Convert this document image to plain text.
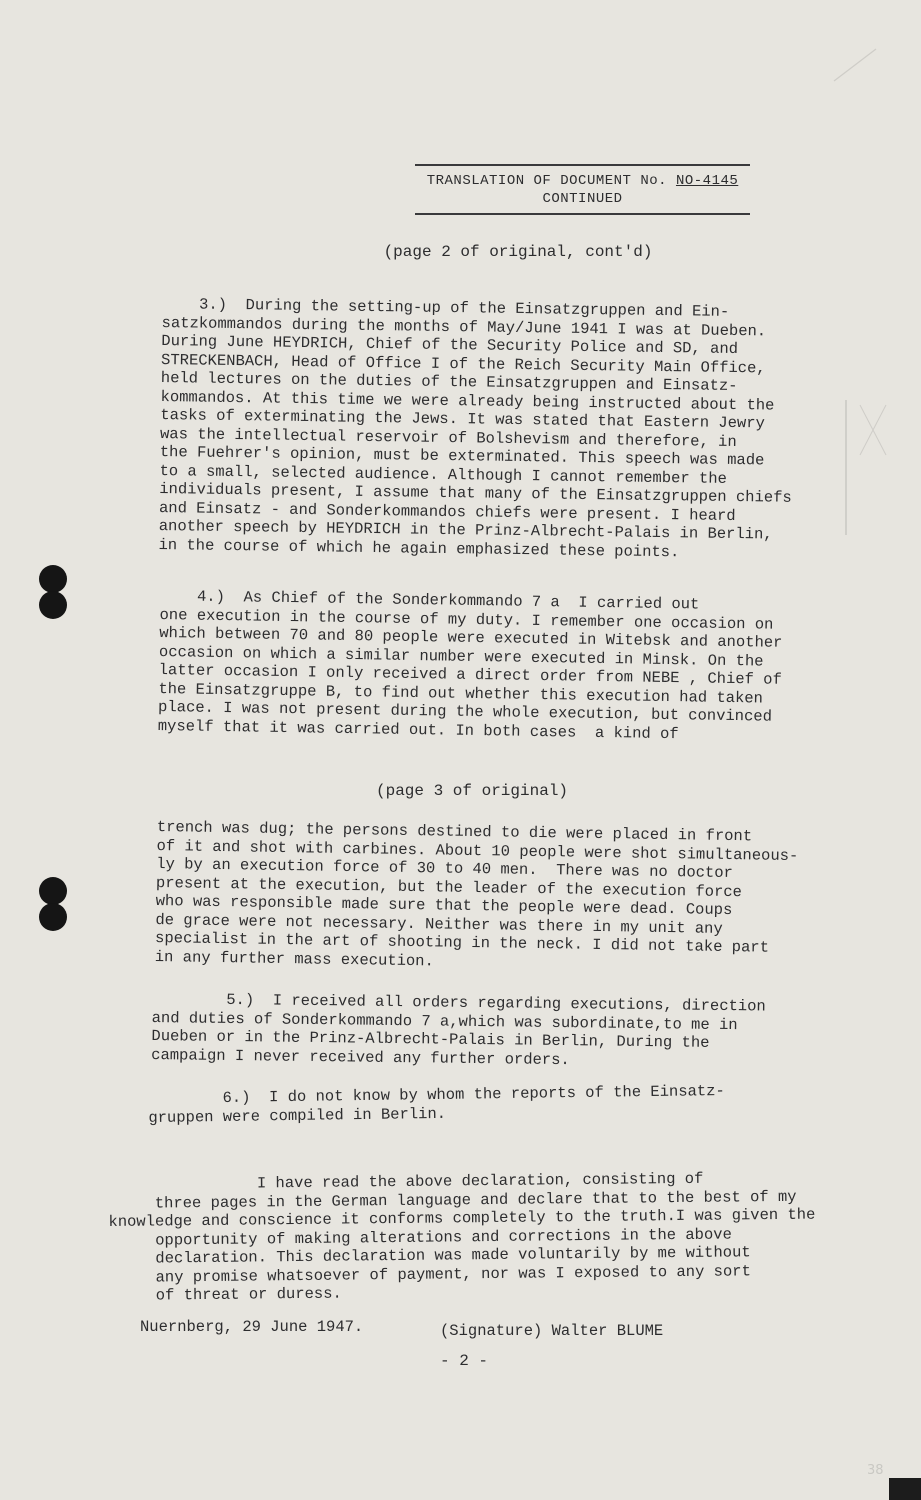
38
TRANSLATION OF DOCUMENT No. NO-4145
CONTINUED
(page 2 of original, cont'd)
3.)  During the setting-up of the Einsatzgruppen and Ein-
satzkommandos during the months of May/June 1941 I was at Dueben.
During June HEYDRICH, Chief of the Security Police and SD, and
STRECKENBACH, Head of Office I of the Reich Security Main Office,
held lectures on the duties of the Einsatzgruppen and Einsatz-
kommandos. At this time we were already being instructed about the
tasks of exterminating the Jews. It was stated that Eastern Jewry
was the intellectual reservoir of Bolshevism and therefore, in
the Fuehrer's opinion, must be exterminated. This speech was made
to a small, selected audience. Although I cannot remember the
individuals present, I assume that many of the Einsatzgruppen chiefs
and Einsatz - and Sonderkommandos chiefs were present. I heard
another speech by HEYDRICH in the Prinz-Albrecht-Palais in Berlin,
in the course of which he again emphasized these points.
4.)  As Chief of the Sonderkommando 7 a  I carried out
one execution in the course of my duty. I remember one occasion on
which between 70 and 80 people were executed in Witebsk and another
occasion on which a similar number were executed in Minsk. On the
latter occasion I only received a direct order from NEBE , Chief of
the Einsatzgruppe B, to find out whether this execution had taken
place. I was not present during the whole execution, but convinced
myself that it was carried out. In both cases  a kind of
(page 3 of original)
trench was dug; the persons destined to die were placed in front
of it and shot with carbines. About 10 people were shot simultaneous-
ly by an execution force of 30 to 40 men.  There was no doctor
present at the execution, but the leader of the execution force
who was responsible made sure that the people were dead. Coups
de grace were not necessary. Neither was there in my unit any
specialist in the art of shooting in the neck. I did not take part
in any further mass execution.
5.)  I received all orders regarding executions, direction
and duties of Sonderkommando 7 a,which was subordinate,to me in
Dueben or in the Prinz-Albrecht-Palais in Berlin, During the
campaign I never received any further orders.
6.)  I do not know by whom the reports of the Einsatz-
gruppen were compiled in Berlin.
I have read the above declaration, consisting of
three pages in the German language and declare that to the best of my
knowledge and conscience it conforms completely to the truth.I was given the
opportunity of making alterations and corrections in the above
declaration. This declaration was made voluntarily by me without
any promise whatsoever of payment, nor was I exposed to any sort
of threat or duress.
Nuernberg, 29 June 1947.	(Signature) Walter BLUME
- 2 -
